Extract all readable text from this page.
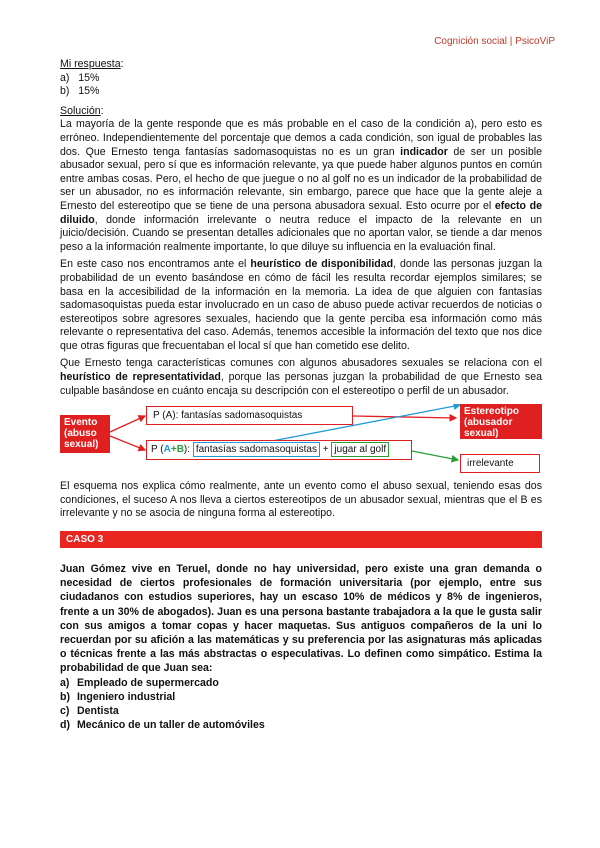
Cognición social | PsicoViP
Mi respuesta:
a) 15%
b) 15%
Solución:

La mayoría de la gente responde que es más probable en el caso de la condición a), pero esto es erróneo. Independientemente del porcentaje que demos a cada condición, son igual de probables las dos. Que Ernesto tenga fantasías sadomasoquistas no es un gran indicador de ser un posible abusador sexual, pero sí que es información relevante, ya que puede haber algunos puntos en común entre ambas cosas. Pero, el hecho de que juegue o no al golf no es un indicador de la probabilidad de ser un abusador, no es información relevante, sin embargo, parece que hace que la gente aleje a Ernesto del estereotipo que se tiene de una persona abusadora sexual. Esto ocurre por el efecto de diluido, donde información irrelevante o neutra reduce el impacto de la relevante en un juicio/decisión. Cuando se presentan detalles adicionales que no aportan valor, se tiende a dar menos peso a la información realmente importante, lo que diluye su influencia en la evaluación final.

En este caso nos encontramos ante el heurístico de disponibilidad, donde las personas juzgan la probabilidad de un evento basándose en cómo de fácil les resulta recordar ejemplos similares; se basa en la accesibilidad de la información en la memoria. La idea de que alguien con fantasías sadomasoquistas pueda estar involucrado en un caso de abuso puede activar recuerdos de noticias o estereotipos sobre agresores sexuales, haciendo que la gente perciba esa información como más relevante o representativa del caso. Además, tenemos accesible la información del texto que nos dice que otras figuras que frecuentaban el local sí que han cometido ese delito.

Que Ernesto tenga características comunes con algunos abusadores sexuales se relaciona con el heurístico de representatividad, porque las personas juzgan la probabilidad de que Ernesto sea culpable basándose en cuánto encaja su descripción con el estereotipo o perfil de un abusador.

Evento (abuso sexual)
P (A): fantasías sadomasoquistas
P (A+B): fantasías sadomasoquistas + jugar al golf
Estereotipo (abusador sexual)
irrelevante

El esquema nos explica cómo realmente, ante un evento como el abuso sexual, teniendo esas dos condiciones, el suceso A nos lleva a ciertos estereotipos de un abusador sexual, mientras que el B es irrelevante y no se asocia de ninguna forma al estereotipo.

CASO 3

Juan Gómez vive en Teruel, donde no hay universidad, pero existe una gran demanda o necesidad de ciertos profesionales de formación universitaria (por ejemplo, entre sus ciudadanos con estudios superiores, hay un escaso 10% de médicos y 8% de ingenieros, frente a un 30% de abogados). Juan es una persona bastante trabajadora a la que le gusta salir con sus amigos a tomar copas y hacer maquetas. Sus antiguos compañeros de la uni lo recuerdan por su afición a las matemáticas y su preferencia por las asignaturas más aplicadas o técnicas frente a las más abstractas o especulativas. Lo definen como simpático. Estima la probabilidad de que Juan sea:

a) Empleado de supermercado
b) Ingeniero industrial
c) Dentista
d) Mecánico de un taller de automóviles
